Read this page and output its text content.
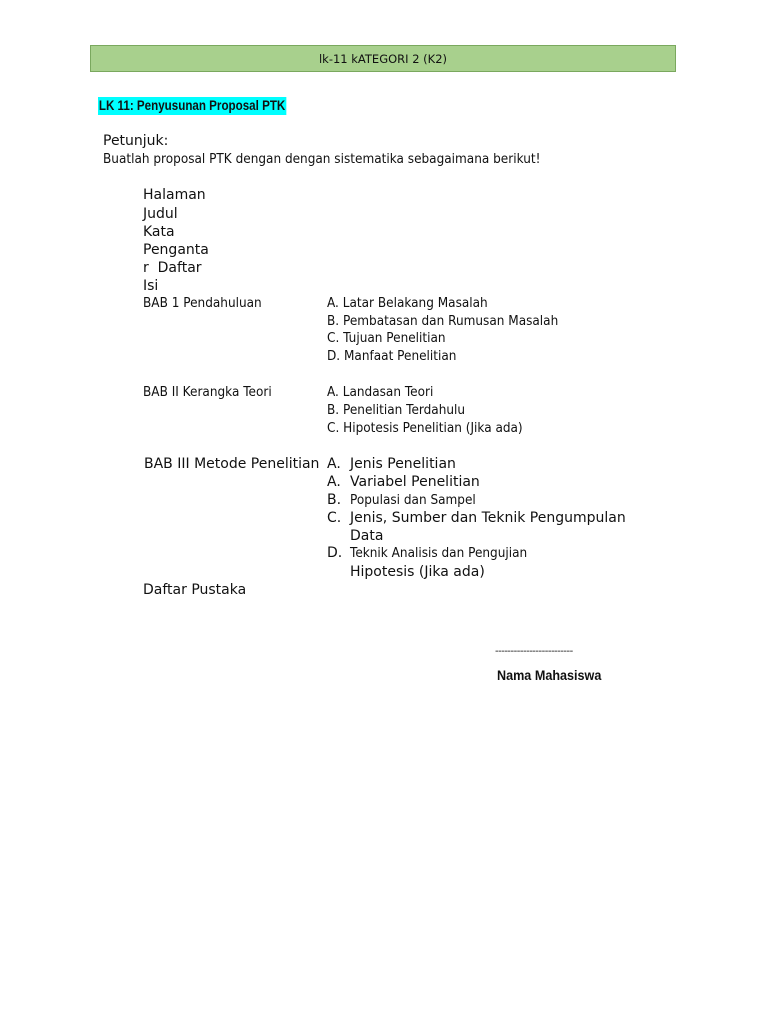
lk-11 kATEGORI 2 (K2)
LK 11: Penyusunan Proposal PTK
Petunjuk:
Buatlah proposal PTK dengan dengan sistematika sebagaimana berikut!
Halaman
Judul
Kata
Penganta
r  Daftar
Isi
BAB 1 Pendahuluan	A. Latar Belakang Masalah
B. Pembatasan dan Rumusan Masalah
C. Tujuan Penelitian
D. Manfaat Penelitian
BAB II Kerangka Teori	A. Landasan Teori
B. Penelitian Terdahulu
C. Hipotesis Penelitian (Jika ada)
BAB III Metode Penelitian A. Jenis Penelitian
A. Variabel Penelitian
B. Populasi dan Sampel
C. Jenis, Sumber dan Teknik Pengumpulan
Data
D. Teknik Analisis dan Pengujian
Hipotesis (Jika ada)
Daftar Pustaka
-------------------------
Nama Mahasiswa
